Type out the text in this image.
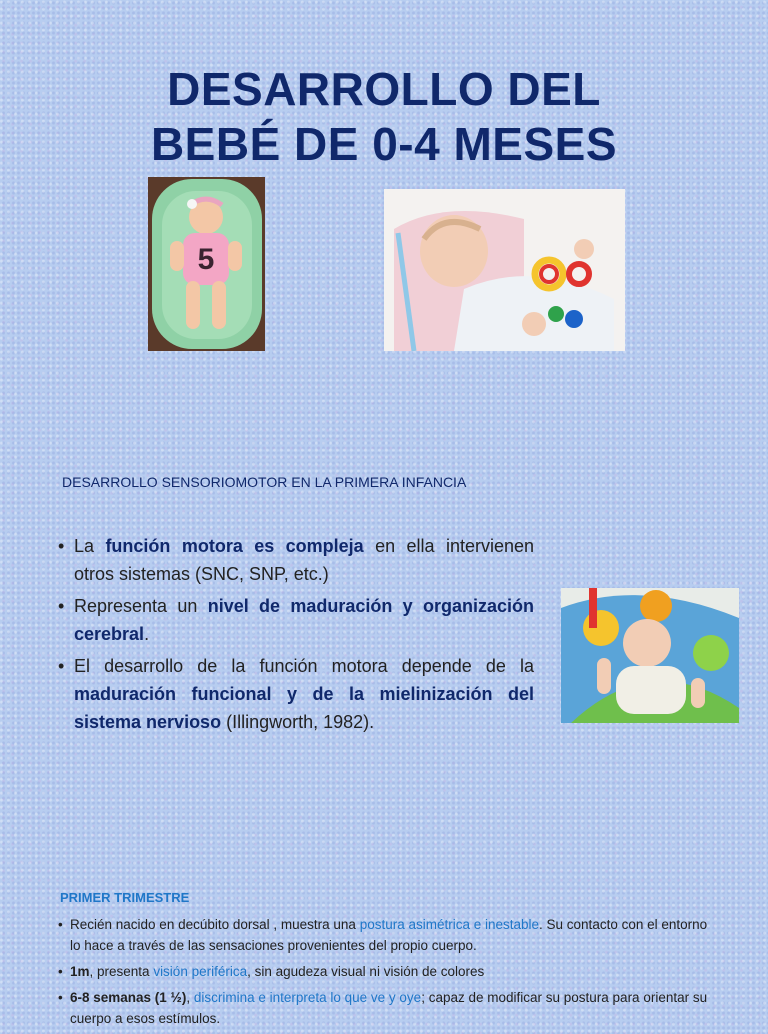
DESARROLLO DEL
BEBÉ DE 0-4 MESES
5
DESARROLLO SENSORIOMOTOR EN LA PRIMERA INFANCIA
• La función motora es compleja en ella intervienen otros sistemas (SNC, SNP, etc.)
• Representa un nivel de maduración y organización cerebral.
• El desarrollo de la función motora depende de la maduración funcional y de la mielinización del sistema nervioso (Illingworth, 1982).
PRIMER TRIMESTRE
• Recién nacido en decúbito dorsal , muestra una postura asimétrica e inestable. Su contacto con el entorno lo hace a través de las sensaciones provenientes del propio cuerpo.
• 1m, presenta visión periférica, sin agudeza visual ni visión de colores
• 6-8 semanas (1 ½), discrimina e interpreta lo que ve y oye; capaz de modificar su postura para orientar su cuerpo a esos estímulos.
